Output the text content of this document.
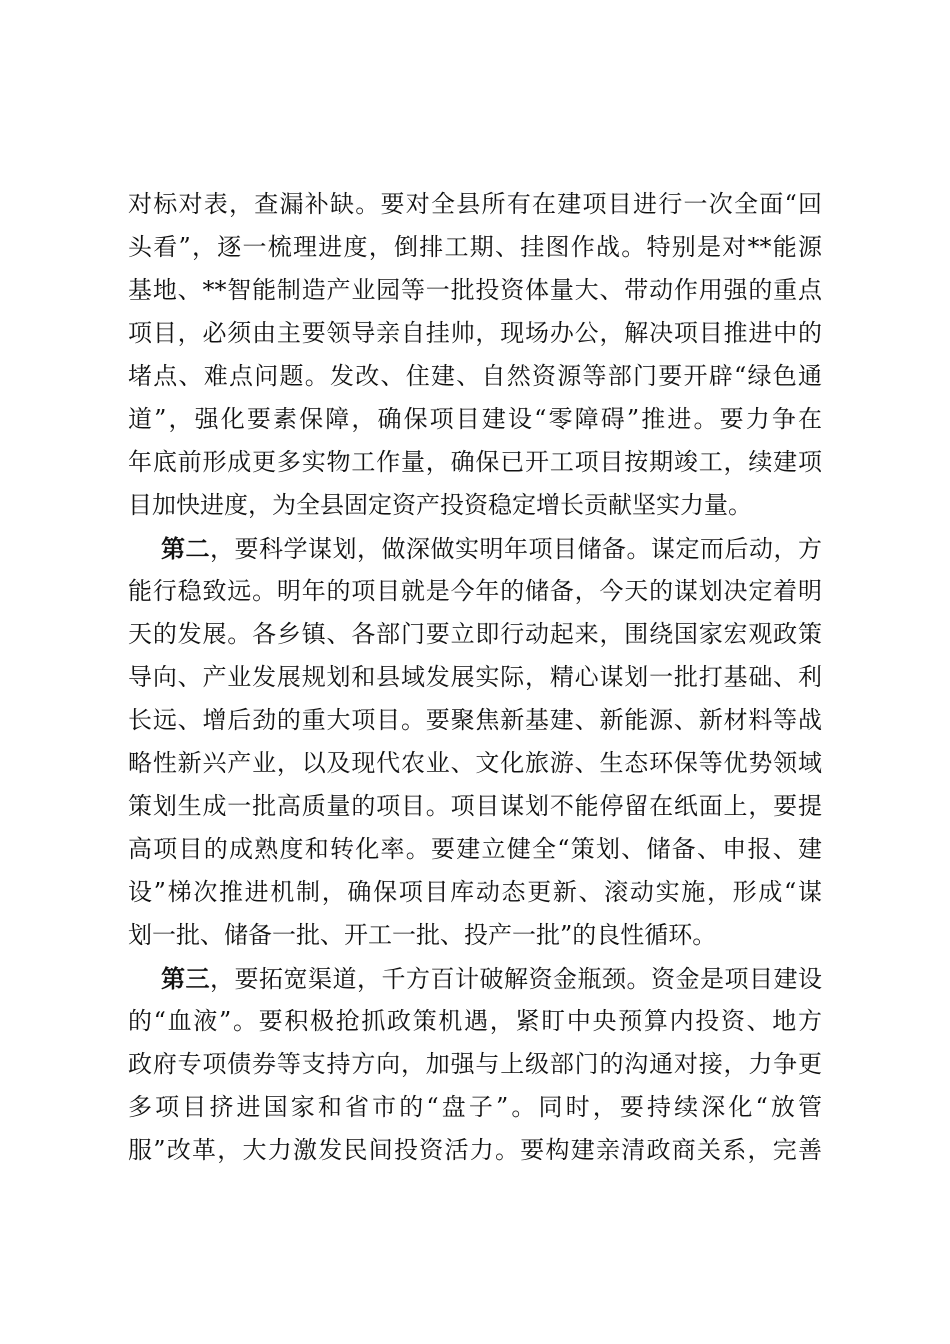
对标对表，查漏补缺。要对全县所有在建项目进行一次全面“回
头看”，逐一梳理进度，倒排工期、挂图作战。特别是对**能源
基地、**智能制造产业园等一批投资体量大、带动作用强的重点
项目，必须由主要领导亲自挂帅，现场办公，解决项目推进中的
堵点、难点问题。发改、住建、自然资源等部门要开辟“绿色通
道”，强化要素保障，确保项目建设“零障碍”推进。要力争在
年底前形成更多实物工作量，确保已开工项目按期竣工，续建项
目加快进度，为全县固定资产投资稳定增长贡献坚实力量。
第二，要科学谋划，做深做实明年项目储备。谋定而后动，方
能行稳致远。明年的项目就是今年的储备，今天的谋划决定着明
天的发展。各乡镇、各部门要立即行动起来，围绕国家宏观政策
导向、产业发展规划和县域发展实际，精心谋划一批打基础、利
长远、增后劲的重大项目。要聚焦新基建、新能源、新材料等战
略性新兴产业，以及现代农业、文化旅游、生态环保等优势领域
策划生成一批高质量的项目。项目谋划不能停留在纸面上，要提
高项目的成熟度和转化率。要建立健全“策划、储备、申报、建
设”梯次推进机制，确保项目库动态更新、滚动实施，形成“谋
划一批、储备一批、开工一批、投产一批”的良性循环。
第三，要拓宽渠道，千方百计破解资金瓶颈。资金是项目建设
的“血液”。要积极抢抓政策机遇，紧盯中央预算内投资、地方
政府专项债券等支持方向，加强与上级部门的沟通对接，力争更
多项目挤进国家和省市的“盘子”。同时，要持续深化“放管
服”改革，大力激发民间投资活力。要构建亲清政商关系，完善
